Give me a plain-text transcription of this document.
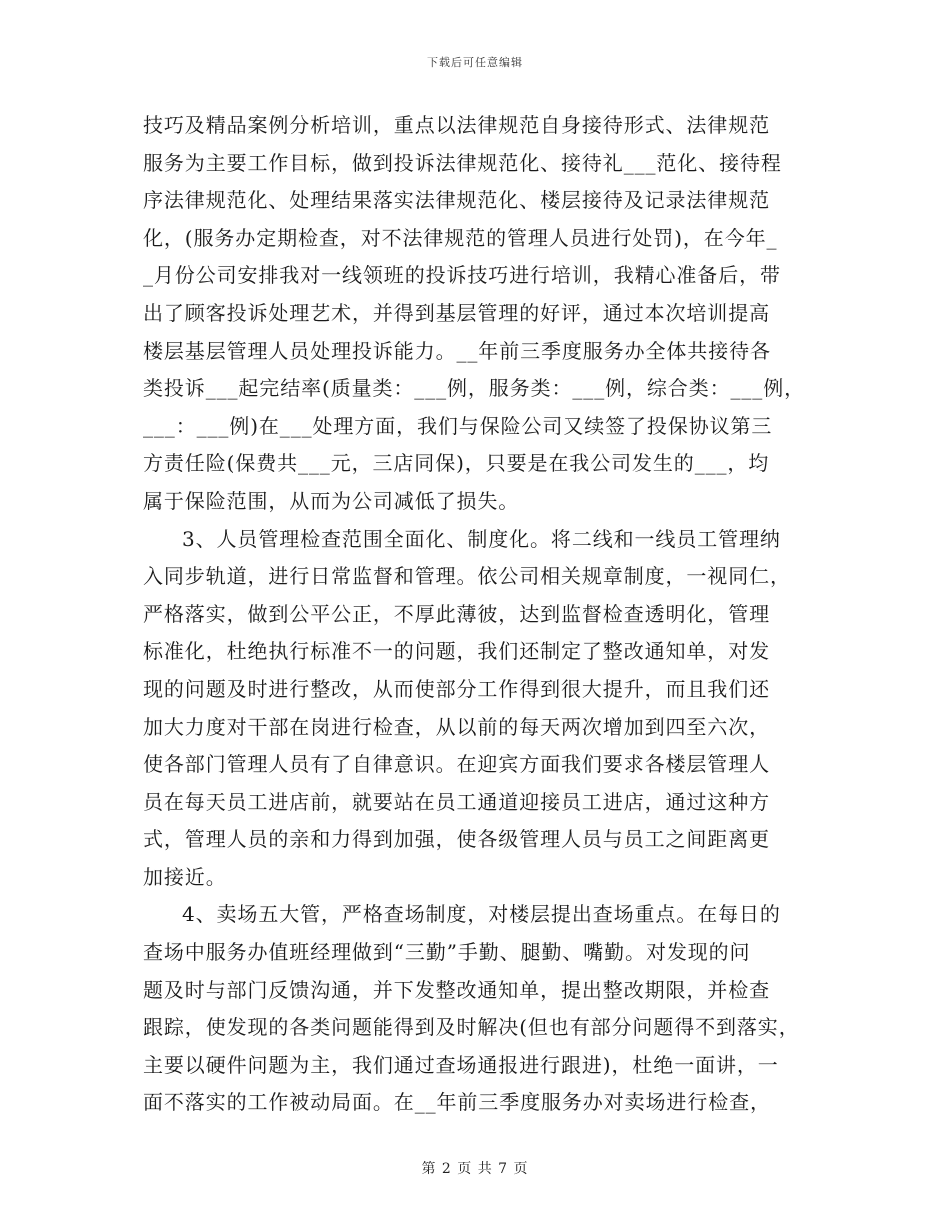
下载后可任意编辑
技巧及精品案例分析培训，重点以法律规范自身接待形式、法律规范
服务为主要工作目标，做到投诉法律规范化、接待礼___范化、接待程
序法律规范化、处理结果落实法律规范化、楼层接待及记录法律规范
化，(服务办定期检查，对不法律规范的管理人员进行处罚)，在今年_
_月份公司安排我对一线领班的投诉技巧进行培训，我精心准备后，带
出了顾客投诉处理艺术，并得到基层管理的好评，通过本次培训提高
楼层基层管理人员处理投诉能力。__年前三季度服务办全体共接待各
类投诉___起完结率(质量类：___例，服务类：___例，综合类：___例，
___：___例)在___处理方面，我们与保险公司又续签了投保协议第三
方责任险(保费共___元，三店同保)，只要是在我公司发生的___，均
属于保险范围，从而为公司减低了损失。
3、人员管理检查范围全面化、制度化。将二线和一线员工管理纳
入同步轨道，进行日常监督和管理。依公司相关规章制度，一视同仁，
严格落实，做到公平公正，不厚此薄彼，达到监督检查透明化，管理
标准化，杜绝执行标准不一的问题，我们还制定了整改通知单，对发
现的问题及时进行整改，从而使部分工作得到很大提升，而且我们还
加大力度对干部在岗进行检查，从以前的每天两次增加到四至六次，
使各部门管理人员有了自律意识。在迎宾方面我们要求各楼层管理人
员在每天员工进店前，就要站在员工通道迎接员工进店，通过这种方
式，管理人员的亲和力得到加强，使各级管理人员与员工之间距离更
加接近。
4、卖场五大管，严格查场制度，对楼层提出查场重点。在每日的
查场中服务办值班经理做到“三勤”手勤、腿勤、嘴勤。对发现的问
题及时与部门反馈沟通，并下发整改通知单，提出整改期限，并检查
跟踪，使发现的各类问题能得到及时解决(但也有部分问题得不到落实，
主要以硬件问题为主，我们通过查场通报进行跟进)，杜绝一面讲，一
面不落实的工作被动局面。在__年前三季度服务办对卖场进行检查，
第 2 页 共 7 页
